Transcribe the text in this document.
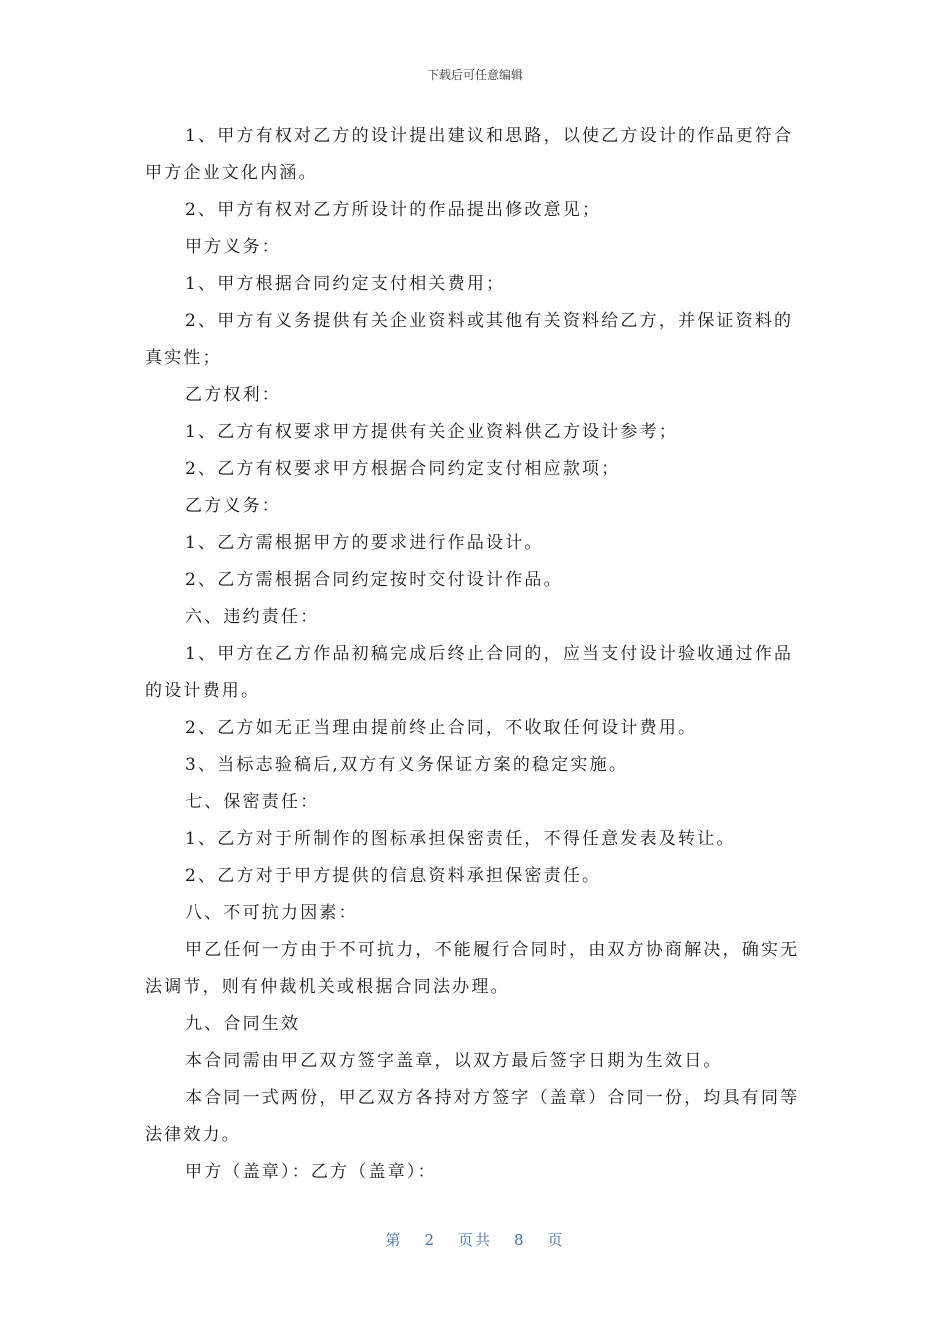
下载后可任意编辑

1、甲方有权对乙方的设计提出建议和思路，以使乙方设计的作品更符合甲方企业文化内涵。

2、甲方有权对乙方所设计的作品提出修改意见；

甲方义务：

1、甲方根据合同约定支付相关费用；

2、甲方有义务提供有关企业资料或其他有关资料给乙方，并保证资料的真实性；

乙方权利：

1、乙方有权要求甲方提供有关企业资料供乙方设计参考；

2、乙方有权要求甲方根据合同约定支付相应款项；

乙方义务：

1、乙方需根据甲方的要求进行作品设计。

2、乙方需根据合同约定按时交付设计作品。

六、违约责任：

1、甲方在乙方作品初稿完成后终止合同的，应当支付设计验收通过作品的设计费用。

2、乙方如无正当理由提前终止合同，不收取任何设计费用。

3、当标志验稿后,双方有义务保证方案的稳定实施。

七、保密责任：

1、乙方对于所制作的图标承担保密责任，不得任意发表及转让。

2、乙方对于甲方提供的信息资料承担保密责任。

八、不可抗力因素：

甲乙任何一方由于不可抗力，不能履行合同时，由双方协商解决，确实无法调节，则有仲裁机关或根据合同法办理。

九、合同生效

本合同需由甲乙双方签字盖章，以双方最后签字日期为生效日。

本合同一式两份，甲乙双方各持对方签字（盖章）合同一份，均具有同等法律效力。

甲方（盖章）：乙方（盖章）：

第 2 页共 8 页
